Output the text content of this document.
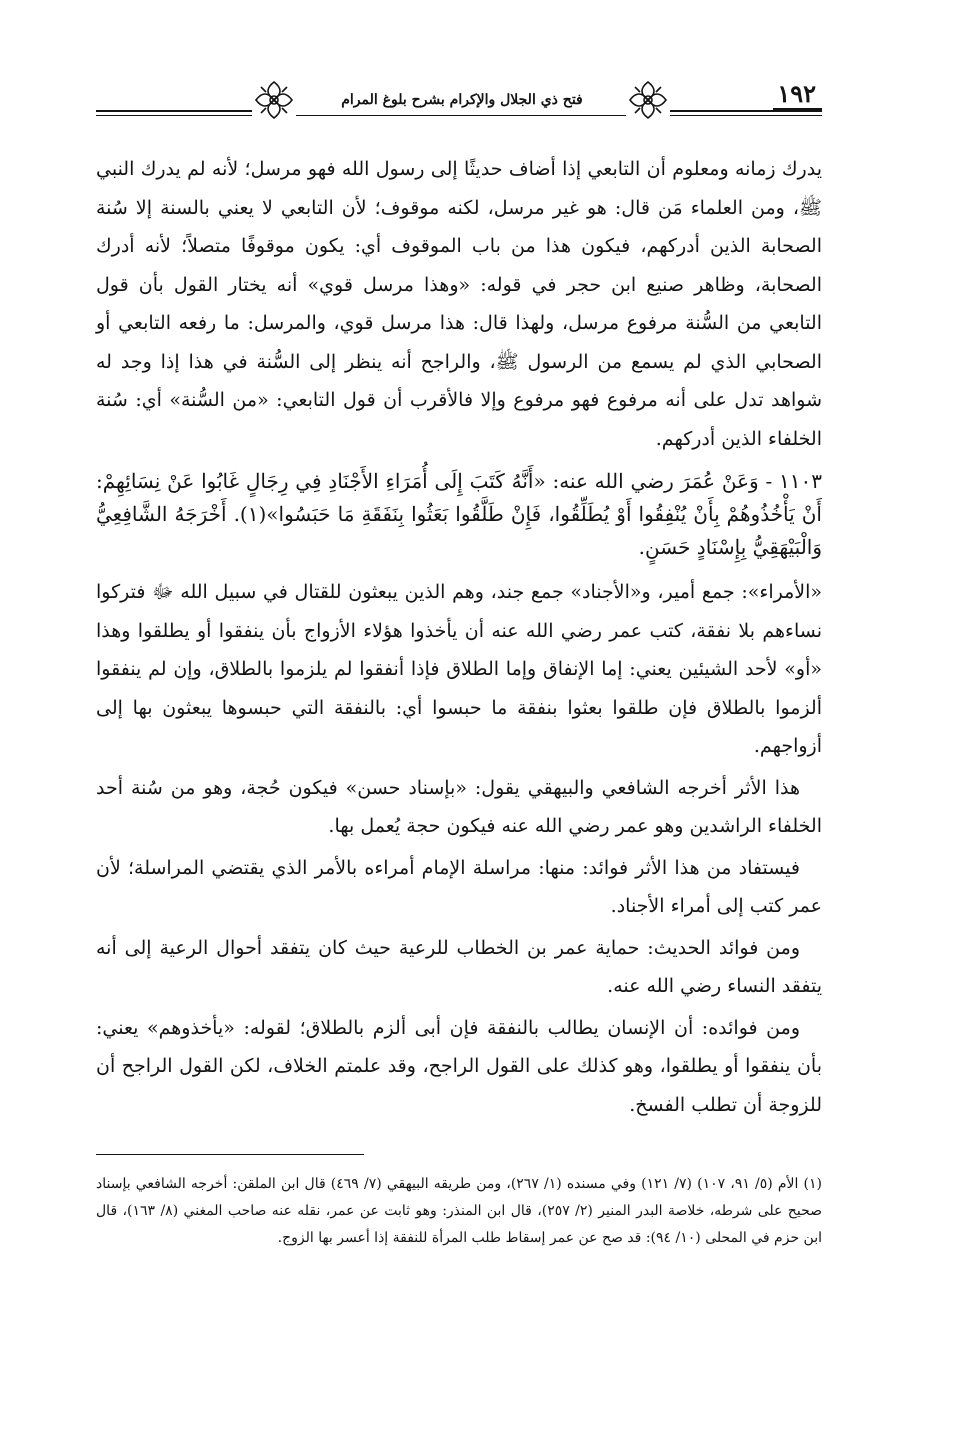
١٩٢
فتح ذي الجلال والإكرام بشرح بلوغ المرام

يدرك زمانه ومعلوم أن التابعي إذا أضاف حديثًا إلى رسول الله فهو مرسل؛ لأنه لم يدرك النبي ﷺ، ومن العلماء مَن قال: هو غير مرسل، لكنه موقوف؛ لأن التابعي لا يعني بالسنة إلا سُنة الصحابة الذين أدركهم، فيكون هذا من باب الموقوف أي: يكون موقوفًا متصلاً؛ لأنه أدرك الصحابة، وظاهر صنيع ابن حجر في قوله: «وهذا مرسل قوي» أنه يختار القول بأن قول التابعي من السُّنة مرفوع مرسل، ولهذا قال: هذا مرسل قوي، والمرسل: ما رفعه التابعي أو الصحابي الذي لم يسمع من الرسول ﷺ، والراجح أنه ينظر إلى السُّنة في هذا إذا وجد له شواهد تدل على أنه مرفوع فهو مرفوع وإلا فالأقرب أن قول التابعي: «من السُّنة» أي: سُنة الخلفاء الذين أدركهم.

١١٠٣ - وَعَنْ عُمَرَ رضي الله عنه: «أَنَّهُ كَتَبَ إِلَى أُمَرَاءِ الأَجْنَادِ فِي رِجَالٍ غَابُوا عَنْ نِسَائِهِمْ: أَنْ يَأْخُذُوهُمْ بِأَنْ يُنْفِقُوا أَوْ يُطَلِّقُوا، فَإِنْ طَلَّقُوا بَعَثُوا بِنَفَقَةِ مَا حَبَسُوا»(١). أَخْرَجَهُ الشَّافِعِيُّ وَالْبَيْهَقِيُّ بِإِسْنَادٍ حَسَنٍ.

«الأمراء»: جمع أمير، و«الأجناد» جمع جند، وهم الذين يبعثون للقتال في سبيل الله ﷻ فتركوا نساءهم بلا نفقة، كتب عمر رضي الله عنه أن يأخذوا هؤلاء الأزواج بأن ينفقوا أو يطلقوا وهذا «أو» لأحد الشيئين يعني: إما الإنفاق وإما الطلاق فإذا أنفقوا لم يلزموا بالطلاق، وإن لم ينفقوا ألزموا بالطلاق فإن طلقوا بعثوا بنفقة ما حبسوا أي: بالنفقة التي حبسوها يبعثون بها إلى أزواجهم.

هذا الأثر أخرجه الشافعي والبيهقي يقول: «بإسناد حسن» فيكون حُجة، وهو من سُنة أحد الخلفاء الراشدين وهو عمر رضي الله عنه فيكون حجة يُعمل بها.

فيستفاد من هذا الأثر فوائد: منها: مراسلة الإمام أمراءه بالأمر الذي يقتضي المراسلة؛ لأن عمر كتب إلى أمراء الأجناد.

ومن فوائد الحديث: حماية عمر بن الخطاب للرعية حيث كان يتفقد أحوال الرعية إلى أنه يتفقد النساء رضي الله عنه.

ومن فوائده: أن الإنسان يطالب بالنفقة فإن أبى ألزم بالطلاق؛ لقوله: «يأخذوهم» يعني: بأن ينفقوا أو يطلقوا، وهو كذلك على القول الراجح، وقد علمتم الخلاف، لكن القول الراجح أن للزوجة أن تطلب الفسخ.

(١) الأم (٥/ ٩١، ١٠٧) (٧/ ١٢١) وفي مسنده (١/ ٢٦٧)، ومن طريقه البيهقي (٧/ ٤٦٩) قال ابن الملقن: أخرجه الشافعي بإسناد صحيح على شرطه، خلاصة البدر المنير (٢/ ٢٥٧)، قال ابن المنذر: وهو ثابت عن عمر، نقله عنه صاحب المغني (٨/ ١٦٣)، قال ابن حزم في المحلى (١٠/ ٩٤): قد صح عن عمر إسقاط طلب المرأة للنفقة إذا أعسر بها الزوج.
